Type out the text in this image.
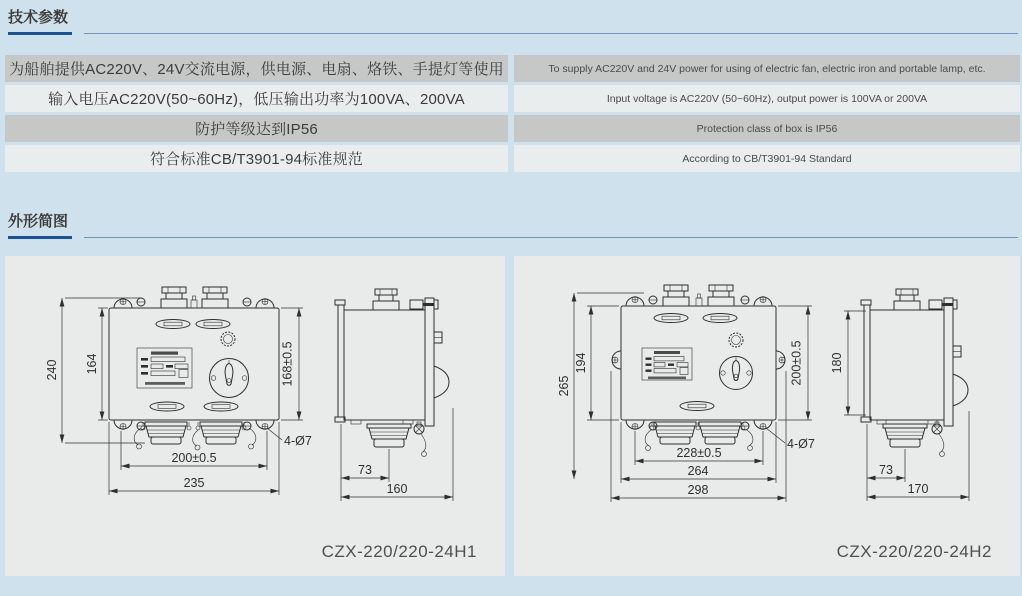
技术参数
为船舶提供AC220V、24V交流电源，供电源、电扇、烙铁、手提灯等使用
输入电压AC220V(50~60Hz)，低压输出功率为100VA、200VA
防护等级达到IP56
符合标准CB/T3901-94标准规范
To supply AC220V and 24V power for using of electric fan, electric iron and portable lamp, etc.
Input voltage is AC220V (50~60Hz), output power is 100VA or 200VA
Protection class of box is IP56
According to CB/T3901-94 Standard
外形简图
240 164	168±0.5
200±0.5
235
4-Ø7
73
160
CZX-220/220-24H1
265
194	200±0.5
228±0.5
264
298
4-Ø7
180
73
170
CZX-220/220-24H2
